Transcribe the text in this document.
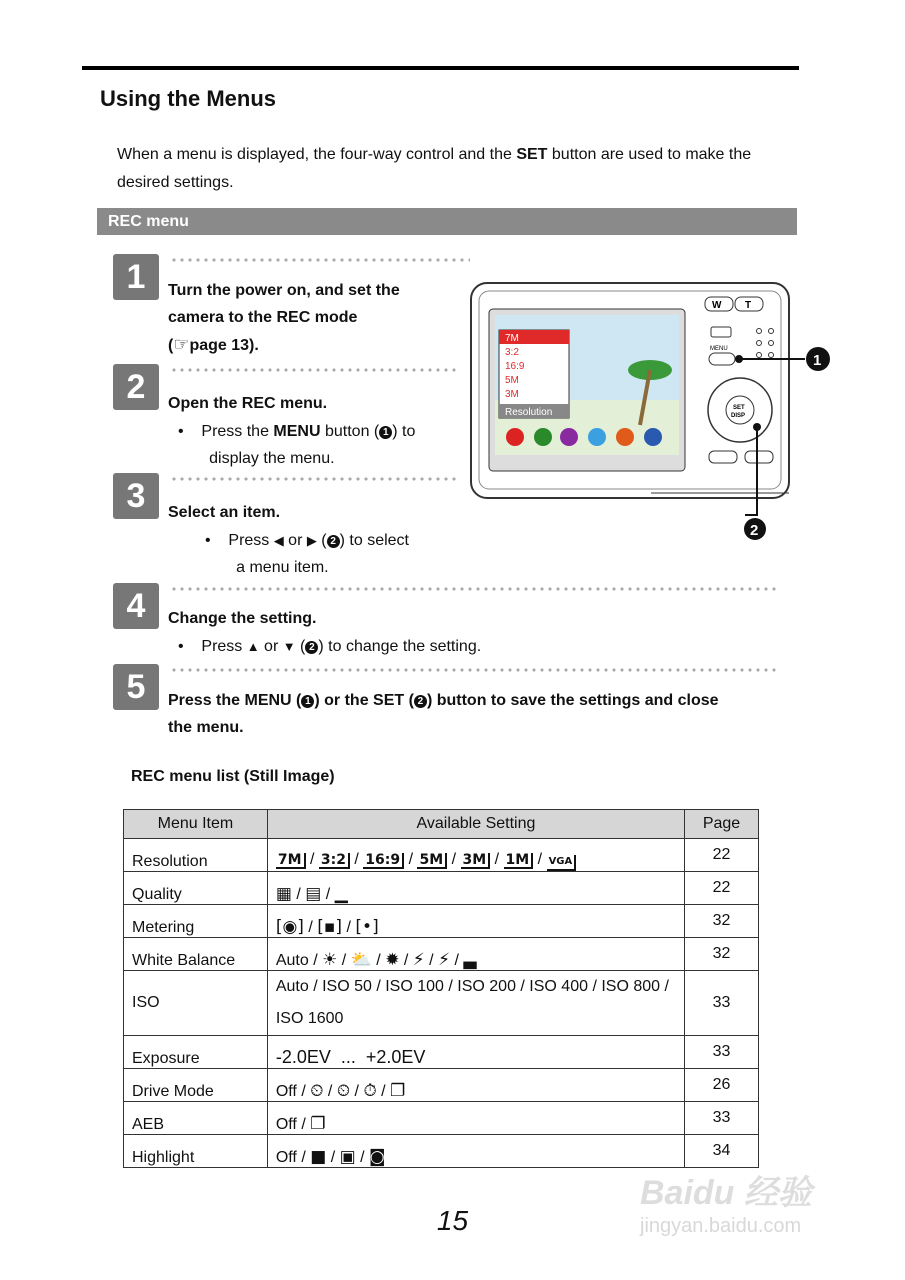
Using the Menus
When a menu is displayed, the four-way control and the SET button are used to make the desired settings.
REC menu
1	Turn the power on, and set the
camera to the REC mode
(☞page 13).
2	Open the REC menu.
•    Press the MENU button ( 1 ) to
display the menu.
3	Select an item.
•    Press ◀ or ▶ ( 2 ) to select
a menu item.
4	Change the setting.
•    Press ▲ or ▼ ( 2 ) to change the setting.
5	Press the MENU ( 1 ) or the SET ( 2 ) button to save the settings and close
the menu.
7M
3:2
16:9
5M
3M
Resolution
W T
MENU
SET
DISP
1
2
REC menu list (Still Image)
Menu Item	Available Setting	Page
Resolution	7M / 3:2 / 16:9 / 5M / 3M / 1M / VGA	22
Quality	▦ / ▤ / ▁	22
Metering	[◉] / [▪] / [•]	32
White Balance	Auto / ☀ / ⛅ / ✹ / ⚡ / ⚡ / ▃	32
ISO	Auto / ISO 50 / ISO 100 / ISO 200 / ISO 400 / ISO 800 / ISO 1600	33
Exposure	-2.0EV  ...  +2.0EV	33
Drive Mode	Off / ⏲ / ⏲ / ⏱ / ❐	26
AEB	Off / ❐	33
Highlight	Off / ■ / ▣ / ◙	34
Baidu 经验
jingyan.baidu.com
15
